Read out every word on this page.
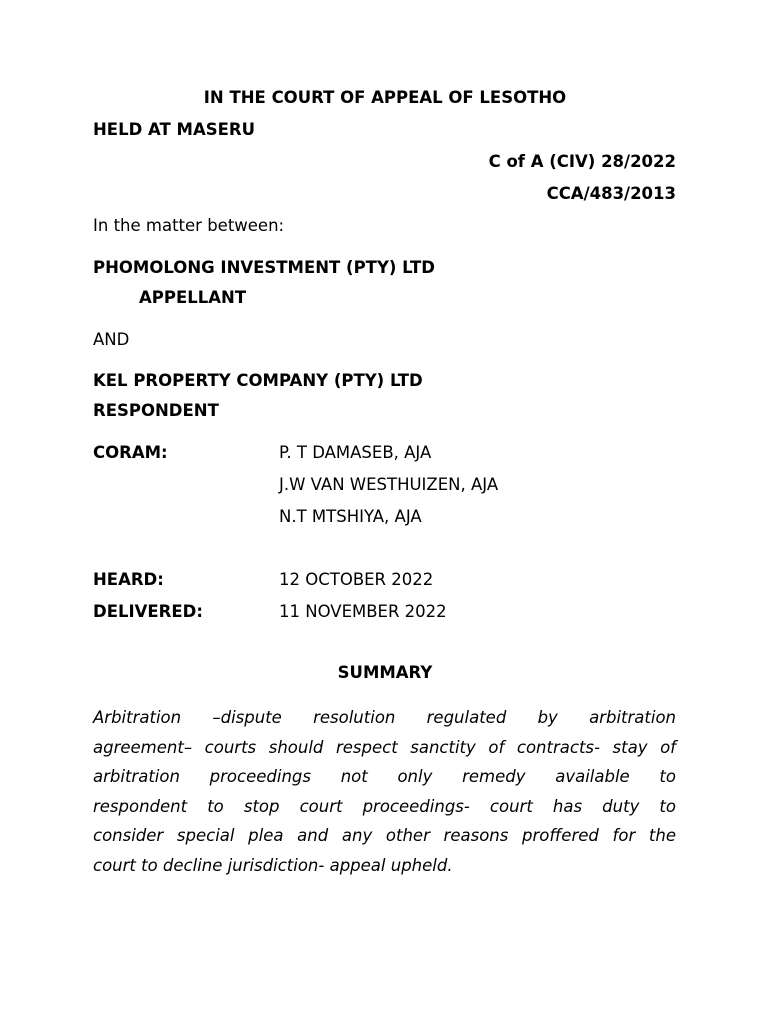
IN THE COURT OF APPEAL OF LESOTHO
HELD AT MASERU
C of A (CIV) 28/2022
CCA/483/2013
In the matter between:
PHOMOLONG INVESTMENT (PTY) LTD
APPELLANT
AND
KEL PROPERTY COMPANY (PTY) LTD
RESPONDENT
CORAM:	P. T DAMASEB, AJA
J.W VAN WESTHUIZEN, AJA
N.T MTSHIYA, AJA
HEARD:	12 OCTOBER 2022
DELIVERED:	11 NOVEMBER 2022
SUMMARY
Arbitration –dispute resolution regulated by arbitration
agreement– courts should respect sanctity of contracts- stay of
arbitration proceedings not only remedy available to
respondent to stop court proceedings- court has duty to
consider special plea and any other reasons proffered for the
court to decline jurisdiction- appeal upheld.
